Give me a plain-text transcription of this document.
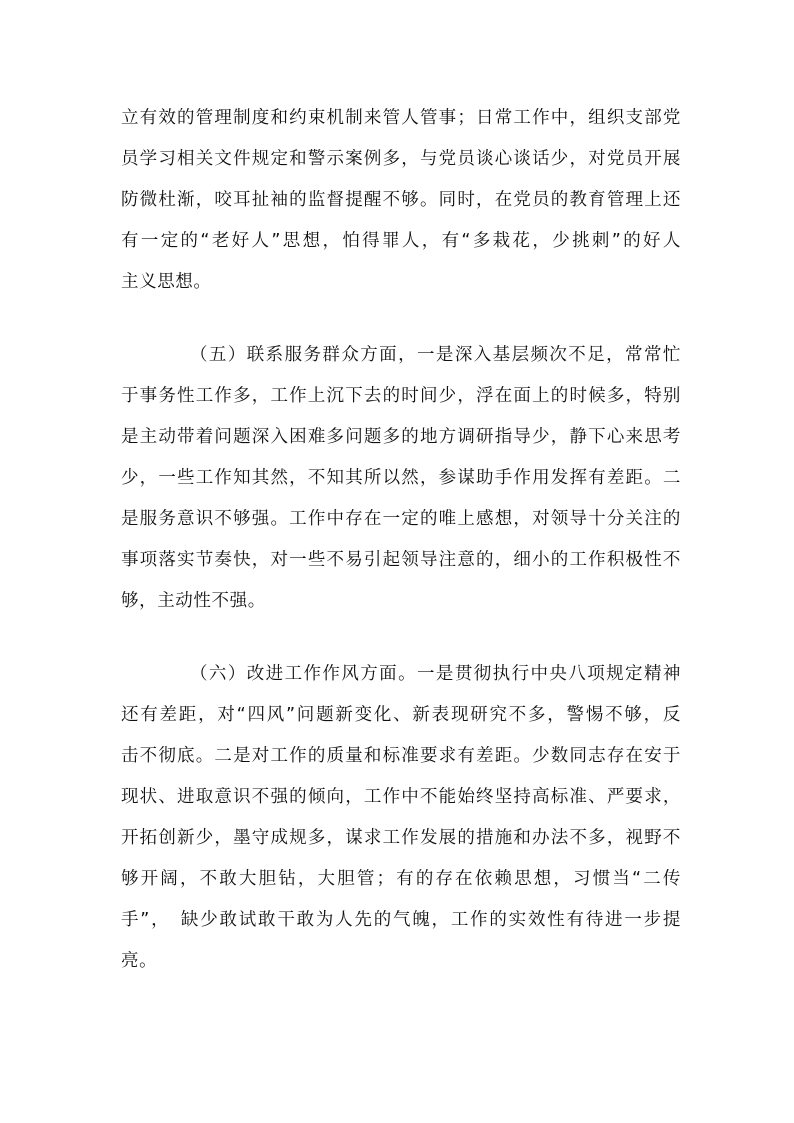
立有效的管理制度和约束机制来管人管事；日常工作中，组织支部党
员学习相关文件规定和警示案例多，与党员谈心谈话少，对党员开展
防微杜渐，咬耳扯袖的监督提醒不够。同时，在党员的教育管理上还
有一定的“老好人”思想，怕得罪人，有“多栽花，少挑刺”的好人
主义思想。
（五）联系服务群众方面，一是深入基层频次不足，常常忙
于事务性工作多，工作上沉下去的时间少，浮在面上的时候多，特别
是主动带着问题深入困难多问题多的地方调研指导少，静下心来思考
少，一些工作知其然，不知其所以然，参谋助手作用发挥有差距。二
是服务意识不够强。工作中存在一定的唯上感想，对领导十分关注的
事项落实节奏快，对一些不易引起领导注意的，细小的工作积极性不
够，主动性不强。
（六）改进工作作风方面。一是贯彻执行中央八项规定精神
还有差距，对“四风”问题新变化、新表现研究不多，警惕不够，反
击不彻底。二是对工作的质量和标准要求有差距。少数同志存在安于
现状、进取意识不强的倾向，工作中不能始终坚持高标准、严要求，
开拓创新少，墨守成规多，谋求工作发展的措施和办法不多，视野不
够开阔，不敢大胆钻，大胆管；有的存在依赖思想，习惯当“二传
手”，　缺少敢试敢干敢为人先的气魄，工作的实效性有待进一步提
亮。
